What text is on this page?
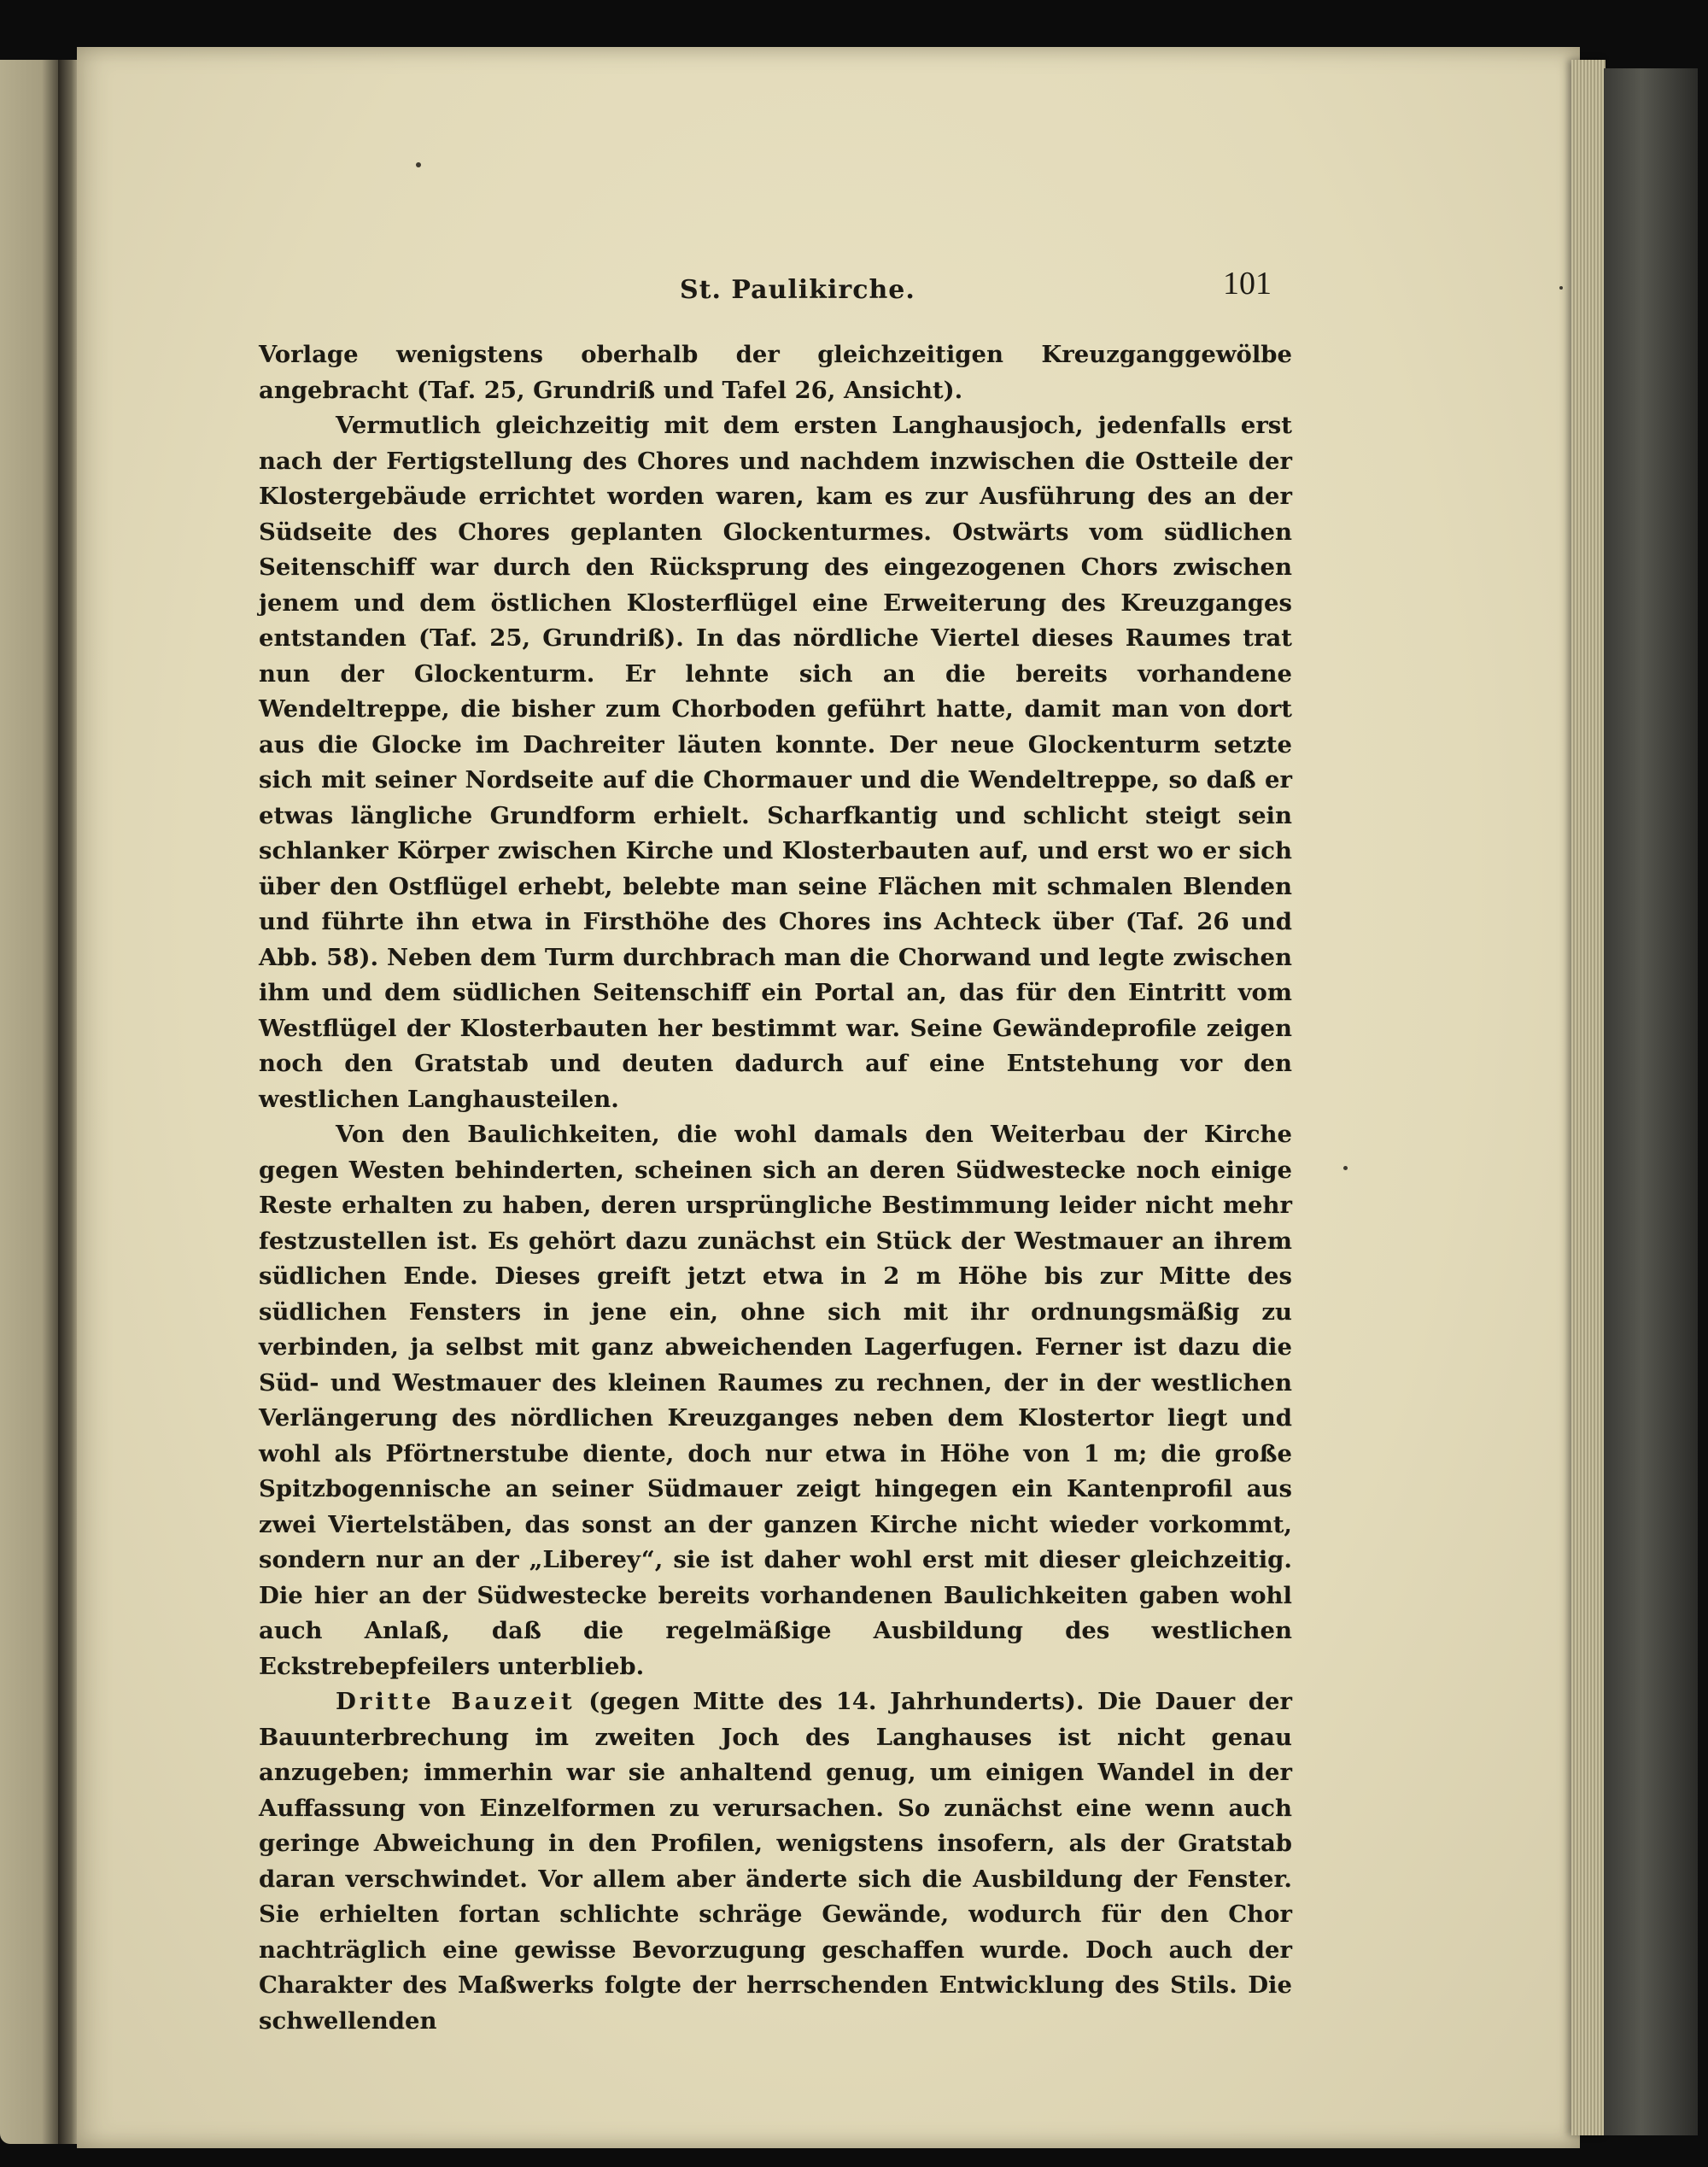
St. Paulikirche.	101

Vorlage wenigstens oberhalb der gleichzeitigen Kreuzganggewölbe angebracht (Taf. 25, Grundriß und Tafel 26, Ansicht).

Vermutlich gleichzeitig mit dem ersten Langhausjoch, jedenfalls erst nach der Fertigstellung des Chores und nachdem inzwischen die Ostteile der Klostergebäude errichtet worden waren, kam es zur Ausführung des an der Südseite des Chores geplanten Glockenturmes. Ostwärts vom südlichen Seitenschiff war durch den Rücksprung des eingezogenen Chors zwischen jenem und dem östlichen Klosterflügel eine Erweiterung des Kreuzganges entstanden (Taf. 25, Grundriß). In das nördliche Viertel dieses Raumes trat nun der Glockenturm. Er lehnte sich an die bereits vorhandene Wendeltreppe, die bisher zum Chorboden geführt hatte, damit man von dort aus die Glocke im Dachreiter läuten konnte. Der neue Glockenturm setzte sich mit seiner Nordseite auf die Chormauer und die Wendeltreppe, so daß er etwas längliche Grundform erhielt. Scharfkantig und schlicht steigt sein schlanker Körper zwischen Kirche und Klosterbauten auf, und erst wo er sich über den Ostflügel erhebt, belebte man seine Flächen mit schmalen Blenden und führte ihn etwa in Firsthöhe des Chores ins Achteck über (Taf. 26 und Abb. 58). Neben dem Turm durchbrach man die Chorwand und legte zwischen ihm und dem südlichen Seitenschiff ein Portal an, das für den Eintritt vom Westflügel der Klosterbauten her bestimmt war. Seine Gewändeprofile zeigen noch den Gratstab und deuten dadurch auf eine Entstehung vor den westlichen Langhausteilen.

Von den Baulichkeiten, die wohl damals den Weiterbau der Kirche gegen Westen behinderten, scheinen sich an deren Südwestecke noch einige Reste erhalten zu haben, deren ursprüngliche Bestimmung leider nicht mehr festzustellen ist. Es gehört dazu zunächst ein Stück der Westmauer an ihrem südlichen Ende. Dieses greift jetzt etwa in 2 m Höhe bis zur Mitte des südlichen Fensters in jene ein, ohne sich mit ihr ordnungsmäßig zu verbinden, ja selbst mit ganz abweichenden Lagerfugen. Ferner ist dazu die Süd- und Westmauer des kleinen Raumes zu rechnen, der in der westlichen Verlängerung des nördlichen Kreuzganges neben dem Klostertor liegt und wohl als Pförtnerstube diente, doch nur etwa in Höhe von 1 m; die große Spitzbogennische an seiner Südmauer zeigt hingegen ein Kantenprofil aus zwei Viertelstäben, das sonst an der ganzen Kirche nicht wieder vorkommt, sondern nur an der „Liberey“, sie ist daher wohl erst mit dieser gleichzeitig. Die hier an der Südwestecke bereits vorhandenen Baulichkeiten gaben wohl auch Anlaß, daß die regelmäßige Ausbildung des westlichen Eckstrebepfeilers unterblieb.

Dritte Bauzeit (gegen Mitte des 14. Jahrhunderts). Die Dauer der Bauunterbrechung im zweiten Joch des Langhauses ist nicht genau anzugeben; immerhin war sie anhaltend genug, um einigen Wandel in der Auffassung von Einzelformen zu verursachen. So zunächst eine wenn auch geringe Abweichung in den Profilen, wenigstens insofern, als der Gratstab daran verschwindet. Vor allem aber änderte sich die Ausbildung der Fenster. Sie erhielten fortan schlichte schräge Gewände, wodurch für den Chor nachträglich eine gewisse Bevorzugung geschaffen wurde. Doch auch der Charakter des Maßwerks folgte der herrschenden Entwicklung des Stils. Die schwellenden
